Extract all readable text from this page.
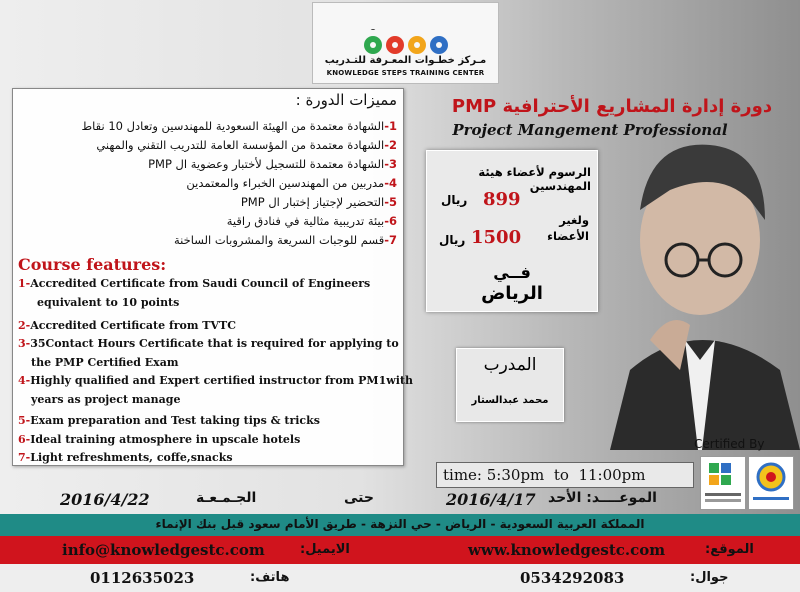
مـركز خطـوات المعـرفة للتـدريب
KNOWLEDGE STEPS TRAINING CENTER
مميزات الدورة :
1-الشهادة معتمدة من الهيئة السعودية للمهندسين وتعادل 10 نقاط
2-الشهادة معتمدة من المؤسسة العامة للتدريب التقني والمهني
3-الشهادة معتمدة للتسجيل لأختبار وعضوية ال PMP
4-مدربين من المهندسين الخبراء والمعتمدين
5-التحضير لإجتياز إختبار ال PMP
6-بيئة تدريبية مثالية في فنادق راقية
7-قسم للوجبات السريعة والمشروبات الساخنة
Course features:
1-Accredited Certificate from Saudi Council of Engineers
equivalent to 10 points
2-Accredited Certificate from TVTC
3-35Contact Hours Certificate that is required for applying to
the PMP Certified Exam
4-Highly qualified and Expert certified instructor from PM1with
years as project manage
5-Exam preparation and Test taking tips & tricks
6-Ideal training atmosphere in upscale hotels
7-Light refreshments, coffe,snacks
دورة إدارة المشاريع الأحترافية PMP
Project Mangement Professional
الرسوم لأعضاء هيئة المهندسين
899
ريال
ولغير
الأعضاء
1500
ريال
فــي
الرياض
المدرب
محمد عبدالستار
Certified By
time: 5:30pm to 11:00pm
2016/4/22	الجـمـعـة	حتى	2016/4/17 الموعــــد: الأحد
المملكة العربية السعودية - الرياض - حي النزهة - طريق الأمام سعود قبل بنك الإنماء
info@knowledgestc.com	الايميل:	www.knowledgestc.com	الموقع:
0112635023	هاتف:	0534292083	جوال:
